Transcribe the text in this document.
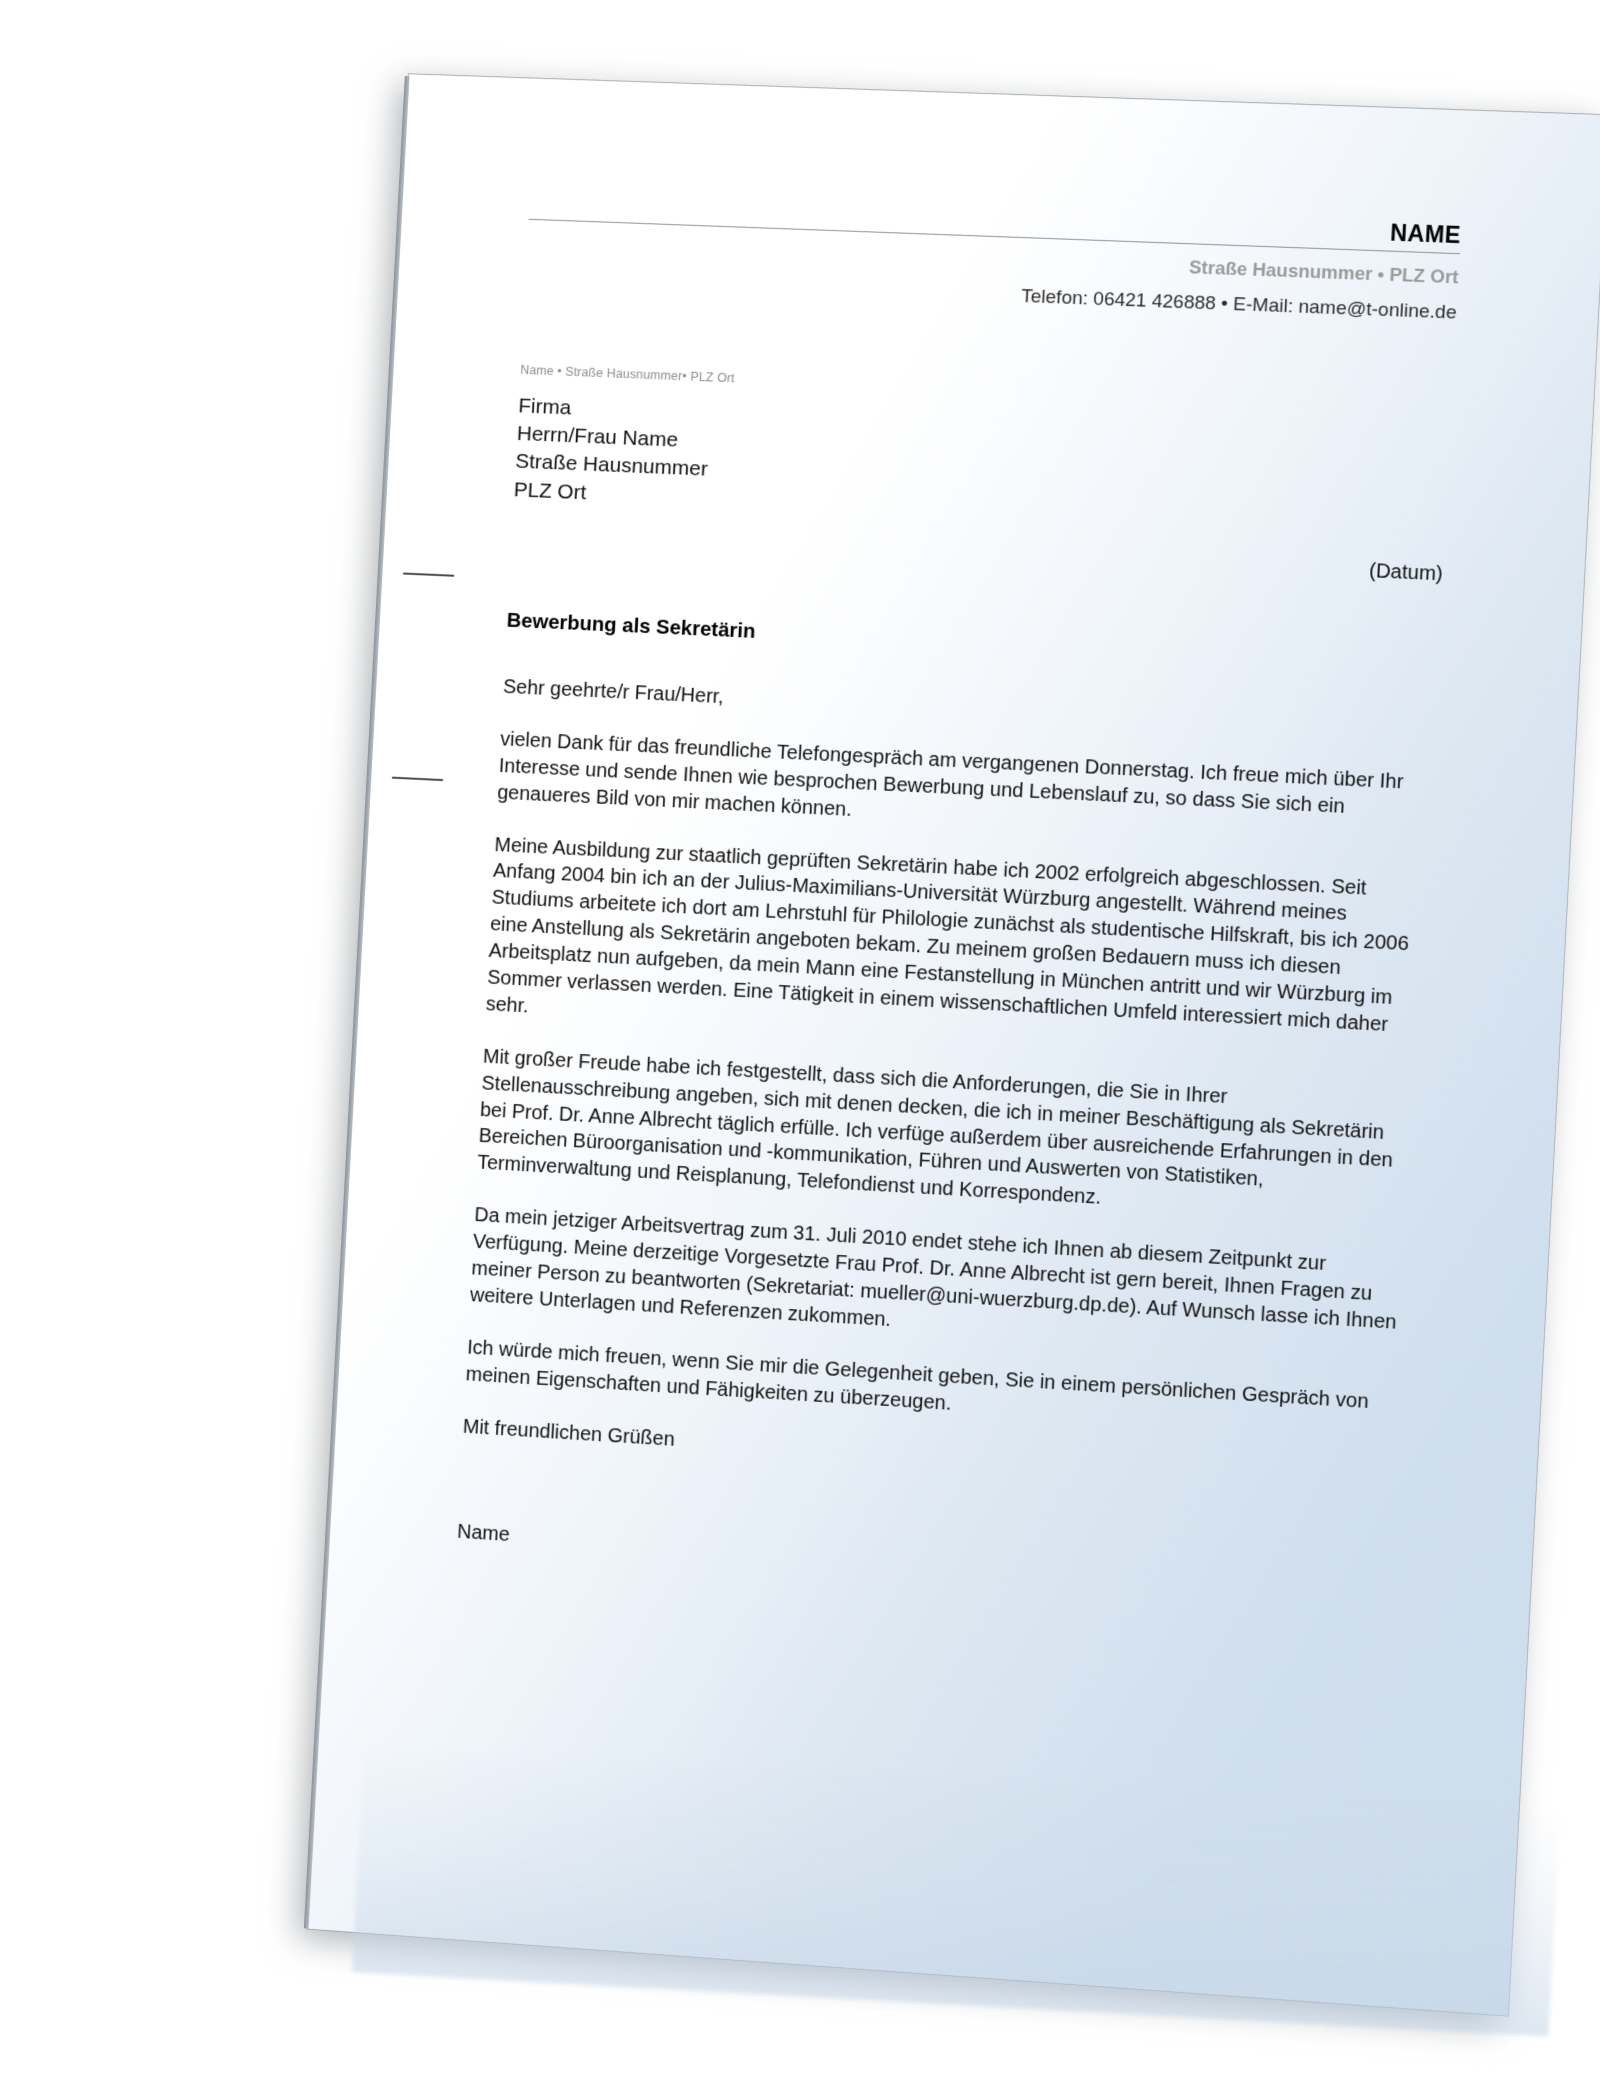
NAME
Straße Hausnummer • PLZ Ort
Telefon: 06421 426888 • E-Mail: name@t-online.de
Name • Straße Hausnummer• PLZ Ort
Firma
Herrn/Frau Name
Straße Hausnummer
PLZ Ort
(Datum)
Bewerbung als Sekretärin

Sehr geehrte/r Frau/Herr,

vielen Dank für das freundliche Telefongespräch am vergangenen Donnerstag. Ich freue mich über Ihr Interesse und sende Ihnen wie besprochen Bewerbung und Lebenslauf zu, so dass Sie sich ein genaueres Bild von mir machen können.

Meine Ausbildung zur staatlich geprüften Sekretärin habe ich 2002 erfolgreich abgeschlossen. Seit Anfang 2004 bin ich an der Julius-Maximilians-Universität Würzburg angestellt. Während meines Studiums arbeitete ich dort am Lehrstuhl für Philologie zunächst als studentische Hilfskraft, bis ich 2006 eine Anstellung als Sekretärin angeboten bekam. Zu meinem großen Bedauern muss ich diesen Arbeitsplatz nun aufgeben, da mein Mann eine Festanstellung in München antritt und wir Würzburg im Sommer verlassen werden. Eine Tätigkeit in einem wissenschaftlichen Umfeld interessiert mich daher sehr.

Mit großer Freude habe ich festgestellt, dass sich die Anforderungen, die Sie in Ihrer Stellenausschreibung angeben, sich mit denen decken, die ich in meiner Beschäftigung als Sekretärin bei Prof. Dr. Anne Albrecht täglich erfülle. Ich verfüge außerdem über ausreichende Erfahrungen in den Bereichen Büroorganisation und -kommunikation, Führen und Auswerten von Statistiken, Terminverwaltung und Reisplanung, Telefondienst und Korrespondenz.

Da mein jetziger Arbeitsvertrag zum 31. Juli 2010 endet stehe ich Ihnen ab diesem Zeitpunkt zur Verfügung. Meine derzeitige Vorgesetzte Frau Prof. Dr. Anne Albrecht ist gern bereit, Ihnen Fragen zu meiner Person zu beantworten (Sekretariat: mueller@uni-wuerzburg.dp.de). Auf Wunsch lasse ich Ihnen weitere Unterlagen und Referenzen zukommen.

Ich würde mich freuen, wenn Sie mir die Gelegenheit geben, Sie in einem persönlichen Gespräch von meinen Eigenschaften und Fähigkeiten zu überzeugen.

Mit freundlichen Grüßen

Name
